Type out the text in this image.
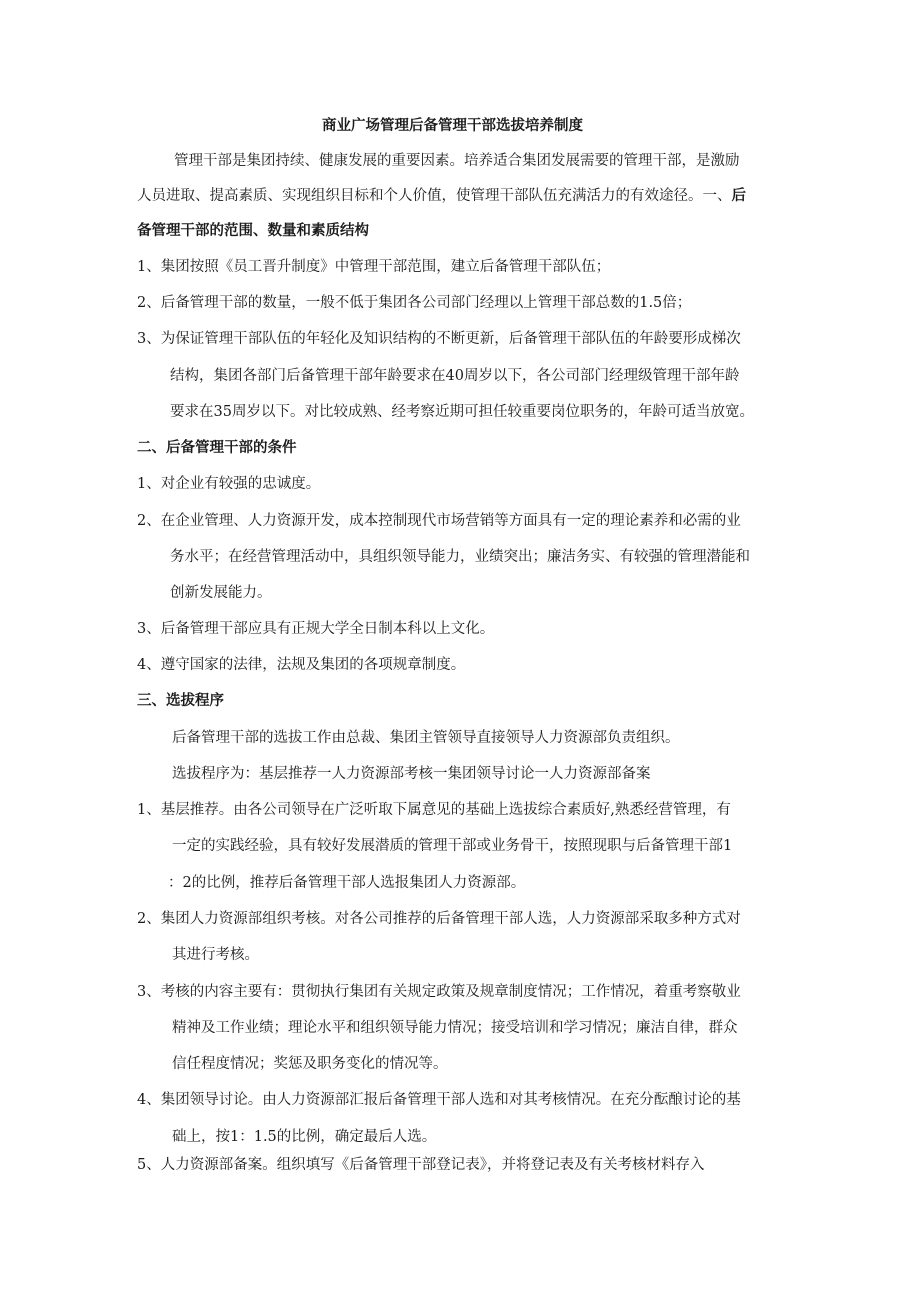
商业广场管理后备管理干部选拔培养制度

管理干部是集团持续、健康发展的重要因素。培养适合集团发展需要的管理干部，是激励

人员进取、提高素质、实现组织目标和个人价值，使管理干部队伍充满活力的有效途径。一、后

备管理干部的范围、数量和素质结构

1、集团按照《员工晋升制度》中管理干部范围，建立后备管理干部队伍；

2、后备管理干部的数量，一般不低于集团各公司部门经理以上管理干部总数的1.5倍；

3、为保证管理干部队伍的年轻化及知识结构的不断更新，后备管理干部队伍的年龄要形成梯次

结构，集团各部门后备管理干部年龄要求在40周岁以下，各公司部门经理级管理干部年龄

要求在35周岁以下。对比较成熟、经考察近期可担任较重要岗位职务的，年龄可适当放宽。

二、后备管理干部的条件

1、对企业有较强的忠诚度。

2、在企业管理、人力资源开发，成本控制现代市场营销等方面具有一定的理论素养和必需的业

务水平；在经营管理活动中，具组织领导能力，业绩突出；廉洁务实、有较强的管理潜能和

创新发展能力。

3、后备管理干部应具有正规大学全日制本科以上文化。

4、遵守国家的法律，法规及集团的各项规章制度。

三、选拔程序

后备管理干部的选拔工作由总裁、集团主管领导直接领导人力资源部负责组织。

选拔程序为：基层推荐一人力资源部考核一集团领导讨论一人力资源部备案

1、基层推荐。由各公司领导在广泛听取下属意见的基础上选拔综合素质好,熟悉经营管理，有

一定的实践经验，具有较好发展潜质的管理干部或业务骨干，按照现职与后备管理干部1

：2的比例，推荐后备管理干部人选报集团人力资源部。

2、集团人力资源部组织考核。对各公司推荐的后备管理干部人选，人力资源部采取多种方式对

其进行考核。

3、考核的内容主要有：贯彻执行集团有关规定政策及规章制度情况；工作情况，着重考察敬业

精神及工作业绩；理论水平和组织领导能力情况；接受培训和学习情况；廉洁自律，群众

信任程度情况；奖惩及职务变化的情况等。

4、集团领导讨论。由人力资源部汇报后备管理干部人选和对其考核情况。在充分酝酿讨论的基

础上，按1：1.5的比例，确定最后人选。

5、人力资源部备案。组织填写《后备管理干部登记表》，并将登记表及有关考核材料存入
